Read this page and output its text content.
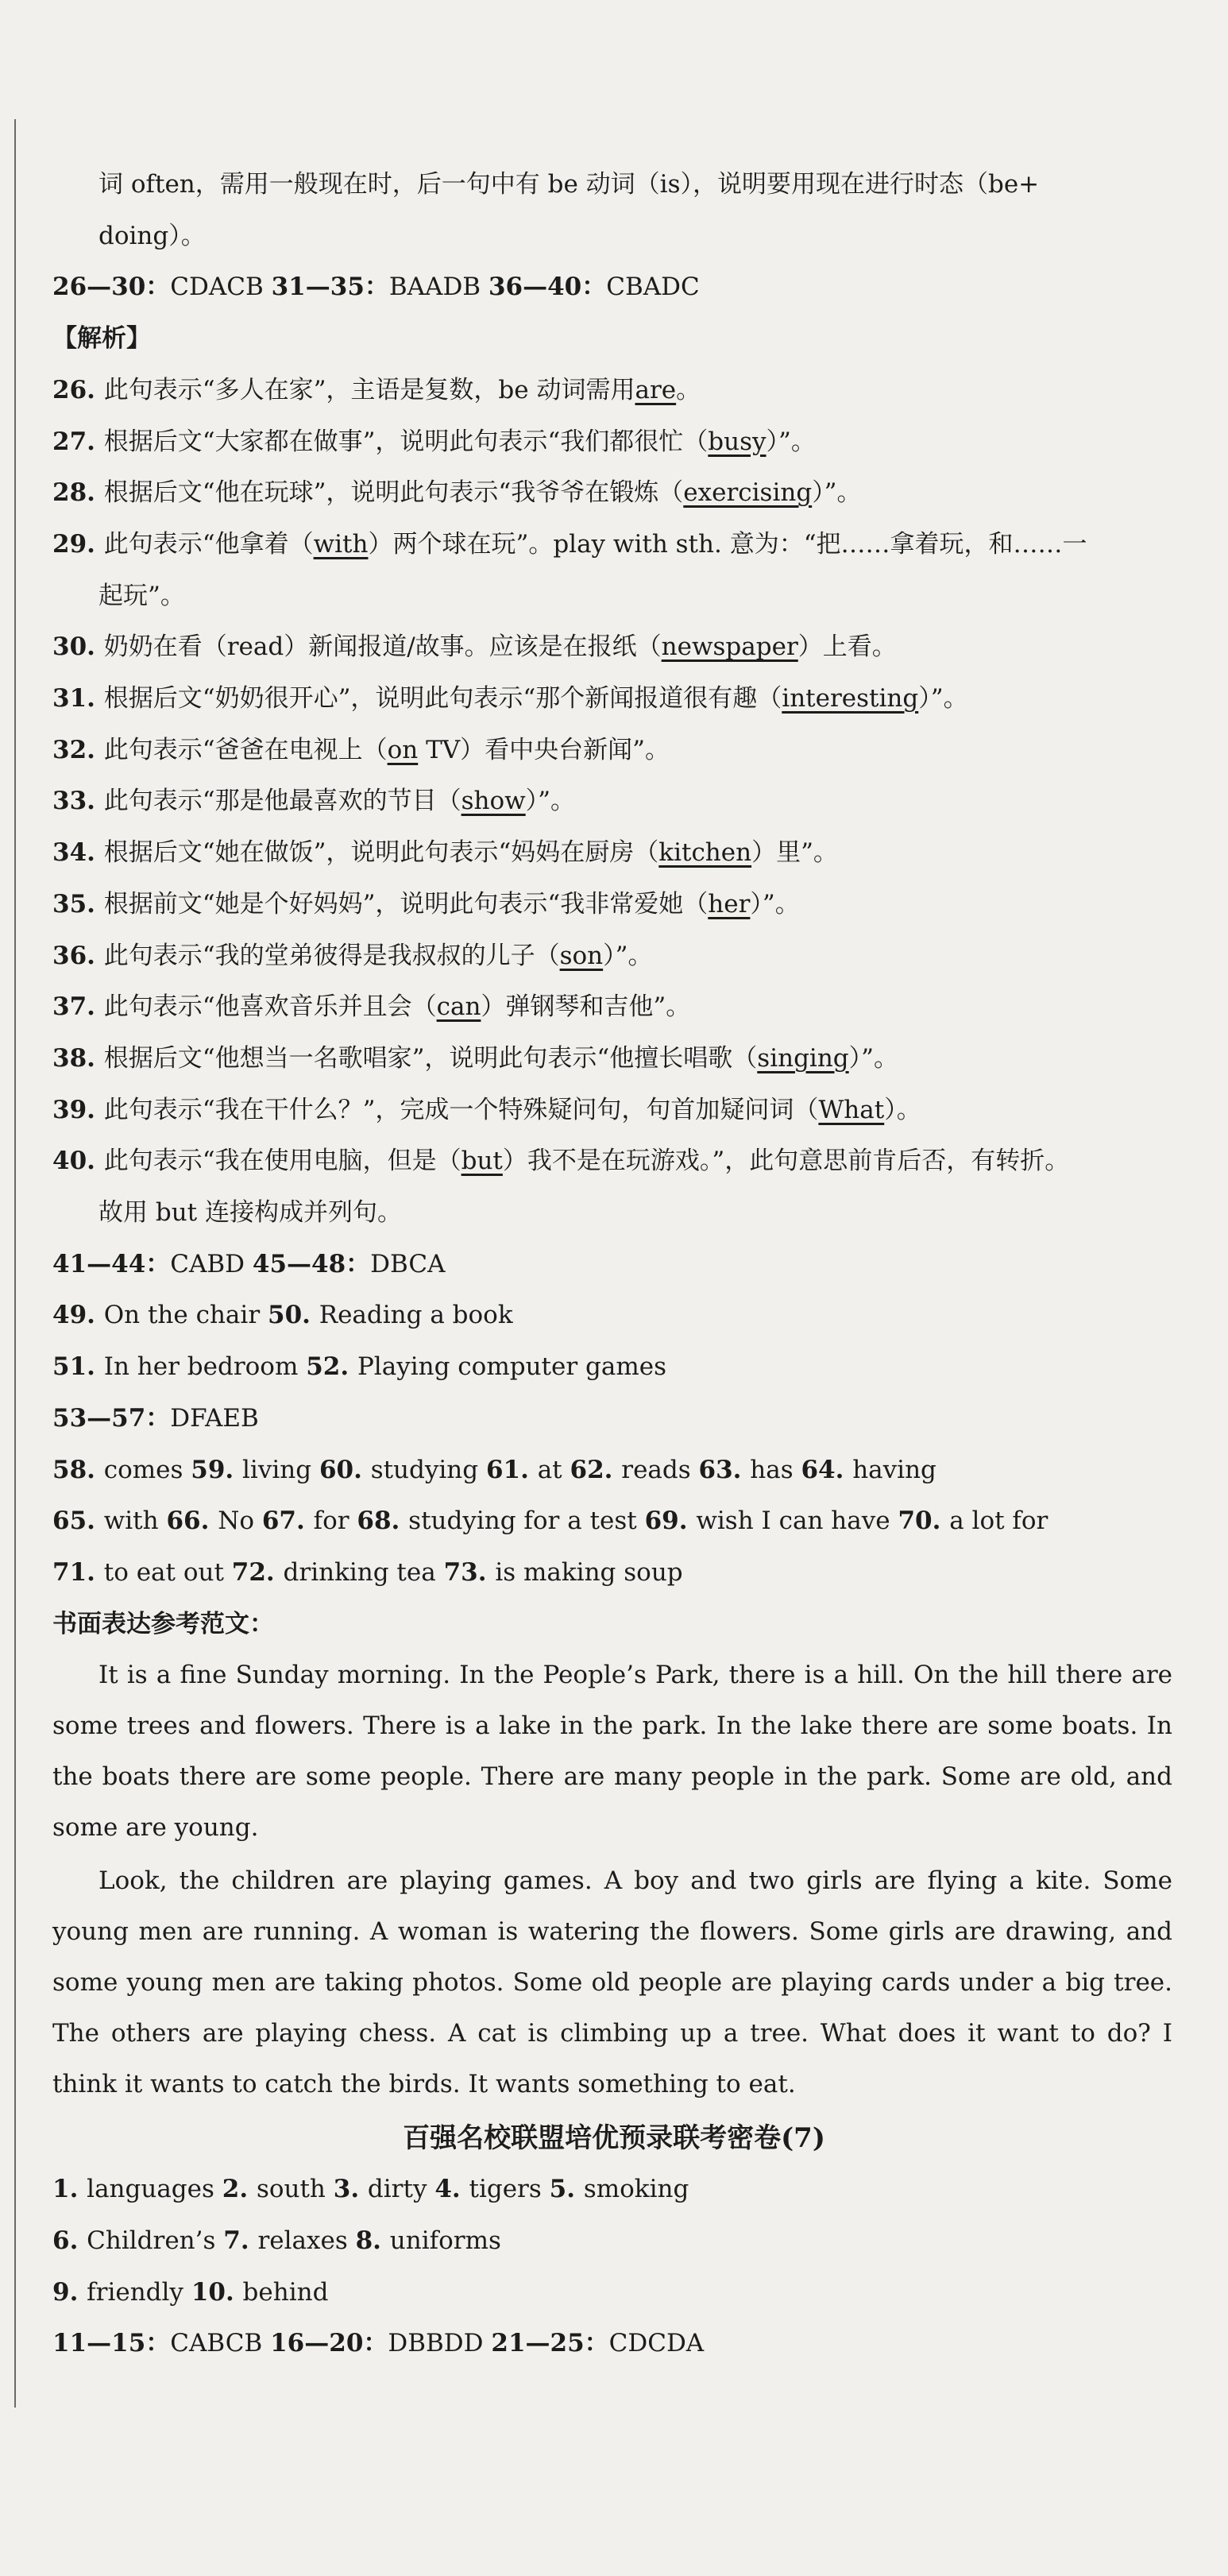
词 often，需用一般现在时，后一句中有 be 动词（is），说明要用现在进行时态（be+
doing）。
26—30：CDACB 31—35：BAADB 36—40：CBADC
【解析】
26. 此句表示“多人在家”，主语是复数，be 动词需用are。
27. 根据后文“大家都在做事”，说明此句表示“我们都很忙（busy）”。
28. 根据后文“他在玩球”，说明此句表示“我爷爷在锻炼（exercising）”。
29. 此句表示“他拿着（with）两个球在玩”。play with sth. 意为：“把……拿着玩，和……一
起玩”。
30. 奶奶在看（read）新闻报道/故事。应该是在报纸（newspaper）上看。
31. 根据后文“奶奶很开心”，说明此句表示“那个新闻报道很有趣（interesting）”。
32. 此句表示“爸爸在电视上（on TV）看中央台新闻”。
33. 此句表示“那是他最喜欢的节目（show）”。
34. 根据后文“她在做饭”，说明此句表示“妈妈在厨房（kitchen）里”。
35. 根据前文“她是个好妈妈”，说明此句表示“我非常爱她（her）”。
36. 此句表示“我的堂弟彼得是我叔叔的儿子（son）”。
37. 此句表示“他喜欢音乐并且会（can）弹钢琴和吉他”。
38. 根据后文“他想当一名歌唱家”，说明此句表示“他擅长唱歌（singing）”。
39. 此句表示“我在干什么？”，完成一个特殊疑问句，句首加疑问词（What）。
40. 此句表示“我在使用电脑，但是（but）我不是在玩游戏。”，此句意思前肯后否，有转折。
故用 but 连接构成并列句。
41—44：CABD 45—48：DBCA
49. On the chair 50. Reading a book
51. In her bedroom 52. Playing computer games
53—57：DFAEB
58. comes 59. living 60. studying 61. at 62. reads 63. has 64. having
65. with 66. No 67. for 68. studying for a test 69. wish I can have 70. a lot for
71. to eat out 72. drinking tea 73. is making soup
书面表达参考范文：
It is a fine Sunday morning. In the People’s Park, there is a hill. On the hill there are some trees and flowers. There is a lake in the park. In the lake there are some boats. In the boats there are some people. There are many people in the park. Some are old, and some are young.
Look, the children are playing games. A boy and two girls are flying a kite. Some young men are running. A woman is watering the flowers. Some girls are drawing, and some young men are taking photos. Some old people are playing cards under a big tree. The others are playing chess. A cat is climbing up a tree. What does it want to do? I think it wants to catch the birds. It wants something to eat.
百强名校联盟培优预录联考密卷(7)
1. languages 2. south 3. dirty 4. tigers 5. smoking
6. Children’s 7. relaxes 8. uniforms
9. friendly 10. behind
11—15：CABCB 16—20：DBBDD 21—25：CDCDA
